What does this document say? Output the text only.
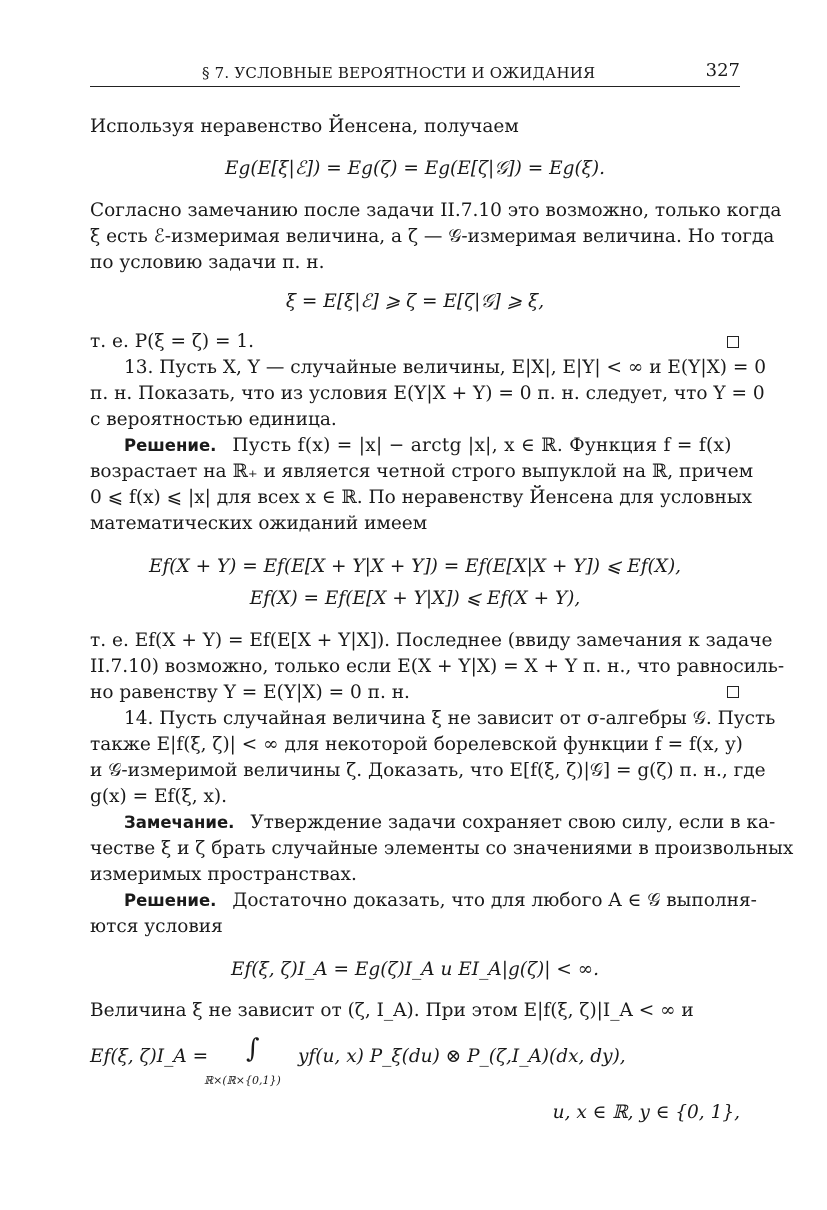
§ 7. УСЛОВНЫЕ ВЕРОЯТНОСТИ И ОЖИДАНИЯ	327
Используя неравенство Йенсена, получаем
Eg(E[ξ|ℰ]) = Eg(ζ) = Eg(E[ζ|𝒢]) = Eg(ξ).
Согласно замечанию после задачи II.7.10 это возможно, только когда
ξ есть ℰ-измеримая величина, а ζ — 𝒢-измеримая величина. Но тогда
по условию задачи п. н.
ξ = E[ξ|ℰ] ⩾ ζ = E[ζ|𝒢] ⩾ ξ,
т. е. P(ξ = ζ) = 1.
13. Пусть X, Y — случайные величины, E|X|, E|Y| < ∞ и E(Y|X) = 0
п. н. Показать, что из условия E(Y|X + Y) = 0 п. н. следует, что Y = 0
с вероятностью единица.
Решение. Пусть f(x) = |x| − arctg |x|, x ∈ ℝ. Функция f = f(x)
возрастает на ℝ₊ и является четной строго выпуклой на ℝ, причем
0 ⩽ f(x) ⩽ |x| для всех x ∈ ℝ. По неравенству Йенсена для условных
математических ожиданий имеем
Ef(X + Y) = Ef(E[X + Y|X + Y]) = Ef(E[X|X + Y]) ⩽ Ef(X),
Ef(X) = Ef(E[X + Y|X]) ⩽ Ef(X + Y),
т. е. Ef(X + Y) = Ef(E[X + Y|X]). Последнее (ввиду замечания к задаче
II.7.10) возможно, только если E(X + Y|X) = X + Y п. н., что равносиль-
но равенству Y = E(Y|X) = 0 п. н.
14. Пусть случайная величина ξ не зависит от σ-алгебры 𝒢. Пусть
также E|f(ξ, ζ)| < ∞ для некоторой борелевской функции f = f(x, y)
и 𝒢-измеримой величины ζ. Доказать, что E[f(ξ, ζ)|𝒢] = g(ζ) п. н., где
g(x) = Ef(ξ, x).
Замечание. Утверждение задачи сохраняет свою силу, если в ка-
честве ξ и ζ брать случайные элементы со значениями в произвольных
измеримых пространствах.
Решение. Достаточно доказать, что для любого A ∈ 𝒢 выполня-
ются условия
Ef(ξ, ζ)I_A = Eg(ζ)I_A и EI_A|g(ζ)| < ∞.
Величина ξ не зависит от (ζ, I_A). При этом E|f(ξ, ζ)|I_A < ∞ и
Ef(ξ, ζ)I_A =	∫
ℝ×(ℝ×{0,1})
yf(u, x) P_ξ(du) ⊗ P_(ζ,I_A)(dx, dy),
u, x ∈ ℝ, y ∈ {0, 1},
